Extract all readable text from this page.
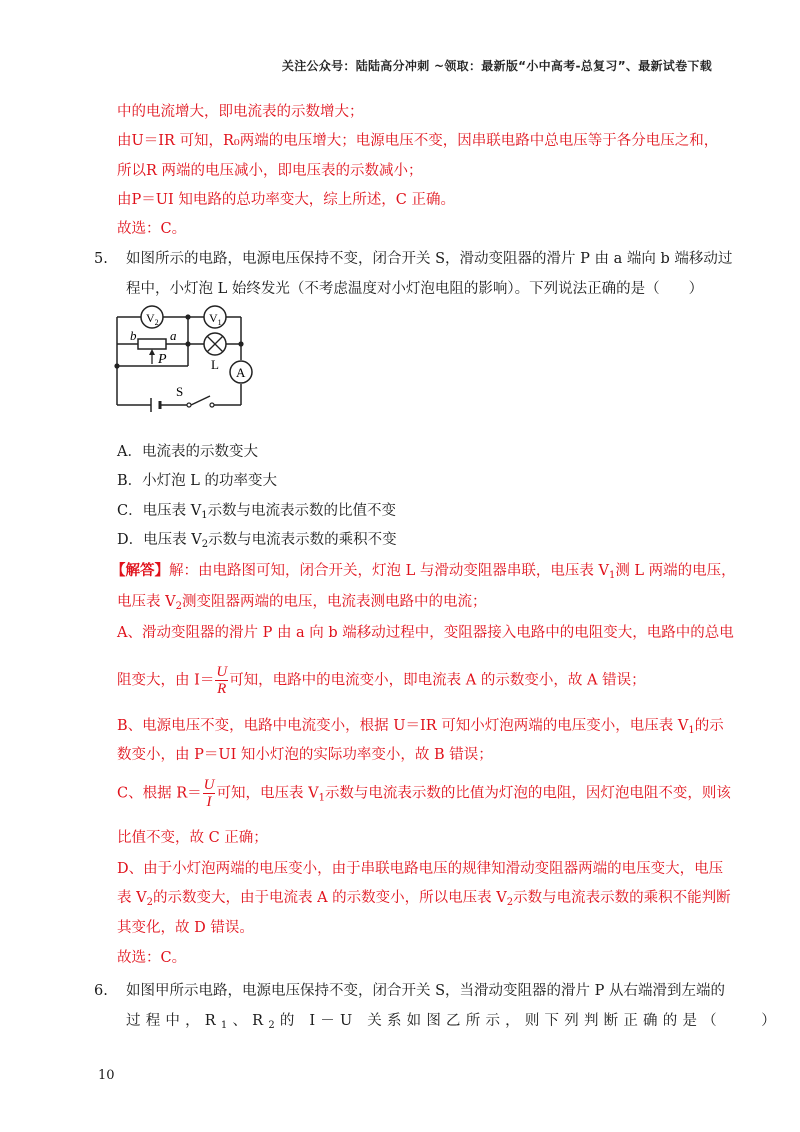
关注公众号：陆陆高分冲刺 ~领取：最新版“小中高考-总复习”、最新试卷下载
中的电流增大，即电流表的示数增大；
由U＝IR 可知，R₀两端的电压增大；电源电压不变，因串联电路中总电压等于各分电压之和，
所以R 两端的电压减小，即电压表的示数减小；
由P＝UI 知电路的总功率变大，综上所述，C 正确。
故选：C。
5. 如图所示的电路，电源电压保持不变，闭合开关 S，滑动变阻器的滑片 P 由 a 端向 b 端移动过
程中，小灯泡 L 始终发光（不考虑温度对小灯泡电阻的影响）。下列说法正确的是（　　）
$V_2$	$V_1$
b	a
P	L
A
S
A．电流表的示数变大
B．小灯泡 L 的功率变大
C．电压表 $V_1$示数与电流表示数的比值不变
D．电压表 $V_2$示数与电流表示数的乘积不变
【解答】解：由电路图可知，闭合开关，灯泡 L 与滑动变阻器串联，电压表 $V_1$测 L 两端的电压，
电压表 $V_2$测变阻器两端的电压，电流表测电路中的电流；
A、滑动变阻器的滑片 P 由 a 向 b 端移动过程中，变阻器接入电路中的电阻变大，电路中的总电
阻变大，由 $I= \frac{U}{R}$ 可知，电路中的电流变小，即电流表 A 的示数变小，故 A 错误；
B、电源电压不变，电路中电流变小，根据 U＝IR 可知小灯泡两端的电压变小，电压表 $V_1$的示
数变小，由 P＝UI 知小灯泡的实际功率变小，故 B 错误；
C、根据 $R= \frac{U}{I}$ 可知，电压表 $V_1$示数与电流表示数的比值为灯泡的电阻，因灯泡电阻不变，则该
比值不变，故 C 正确；
D、由于小灯泡两端的电压变小，由于串联电路电压的规律知滑动变阻器两端的电压变大，电压
表 $V_2$的示数变大，由于电流表 A 的示数变小，所以电压表 $V_2$示数与电流表示数的乘积不能判断
其变化，故 D 错误。
故选：C。
6. 如图甲所示电路，电源电压保持不变，闭合开关 S，当滑动变阻器的滑片 P 从右端滑到左端的
过程中，$R_1$、$R_2$的 I－U 关系如图乙所示，则下列判断正确的是（　　）
10
